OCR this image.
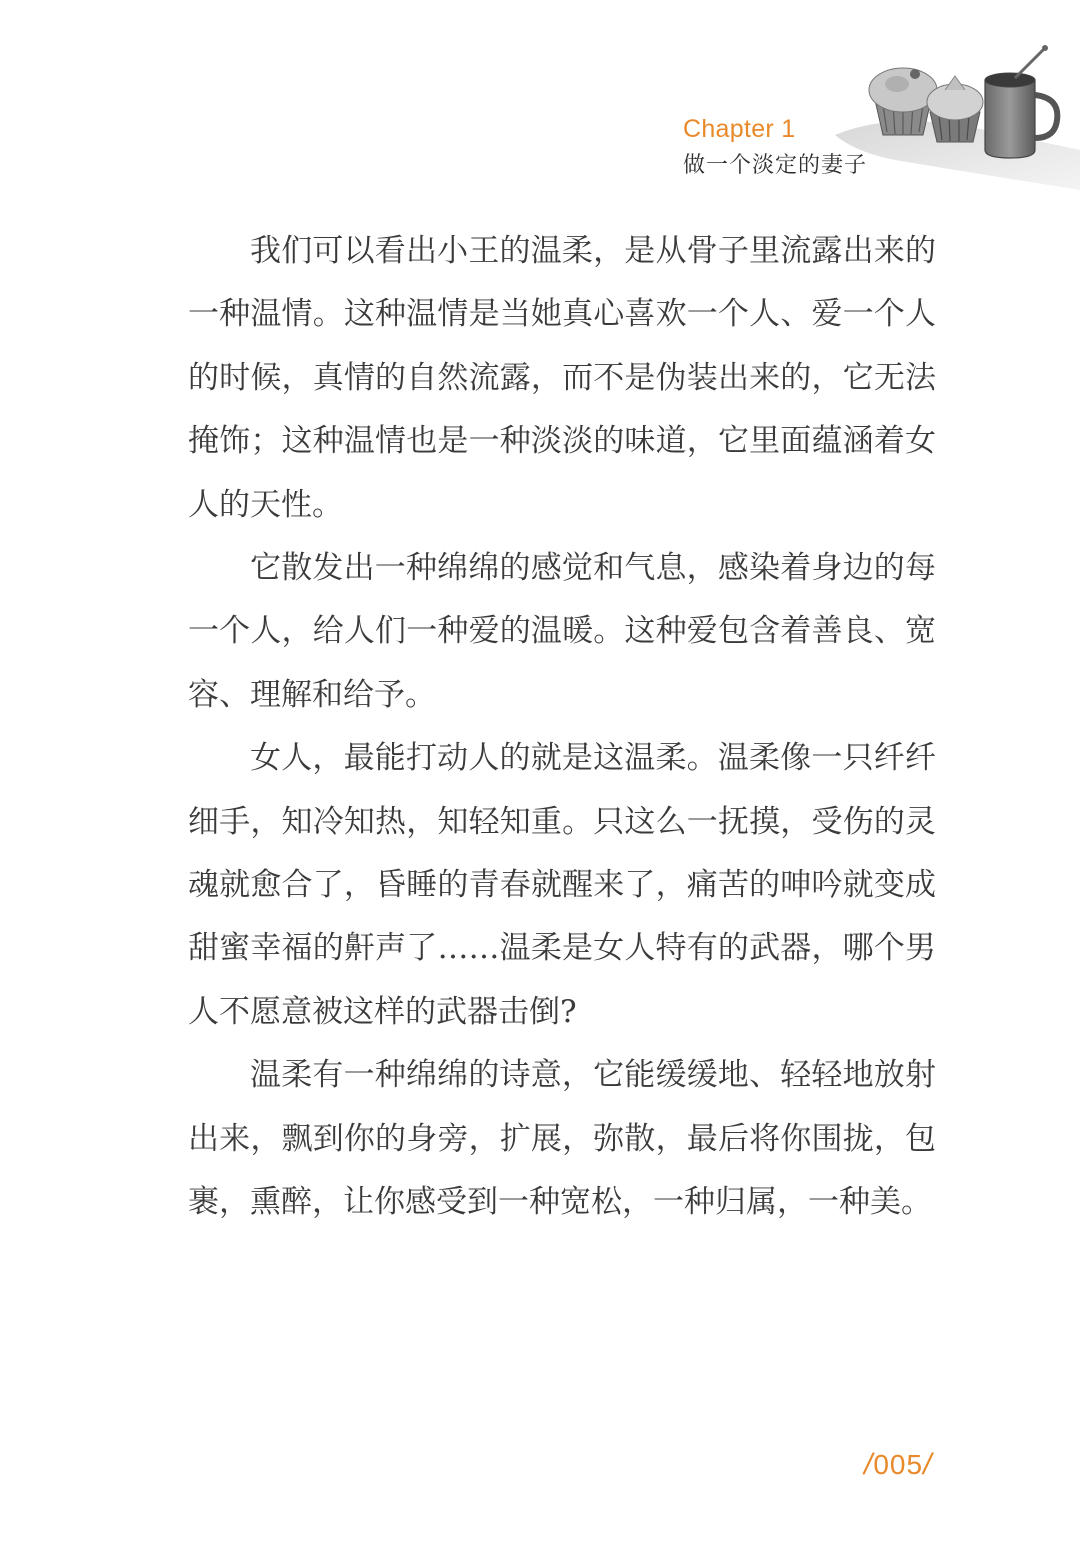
Chapter 1
做一个淡定的妻子

我们可以看出小王的温柔，是从骨子里流露出来的一种温情。这种温情是当她真心喜欢一个人、爱一个人的时候，真情的自然流露，而不是伪装出来的，它无法掩饰；这种温情也是一种淡淡的味道，它里面蕴涵着女人的天性。

它散发出一种绵绵的感觉和气息，感染着身边的每一个人，给人们一种爱的温暖。这种爱包含着善良、宽容、理解和给予。

女人，最能打动人的就是这温柔。温柔像一只纤纤细手，知冷知热，知轻知重。只这么一抚摸，受伤的灵魂就愈合了，昏睡的青春就醒来了，痛苦的呻吟就变成甜蜜幸福的鼾声了……温柔是女人特有的武器，哪个男人不愿意被这样的武器击倒?

温柔有一种绵绵的诗意，它能缓缓地、轻轻地放射出来，飘到你的身旁，扩展，弥散，最后将你围拢，包裹，熏醉，让你感受到一种宽松，一种归属，一种美。

/005/
